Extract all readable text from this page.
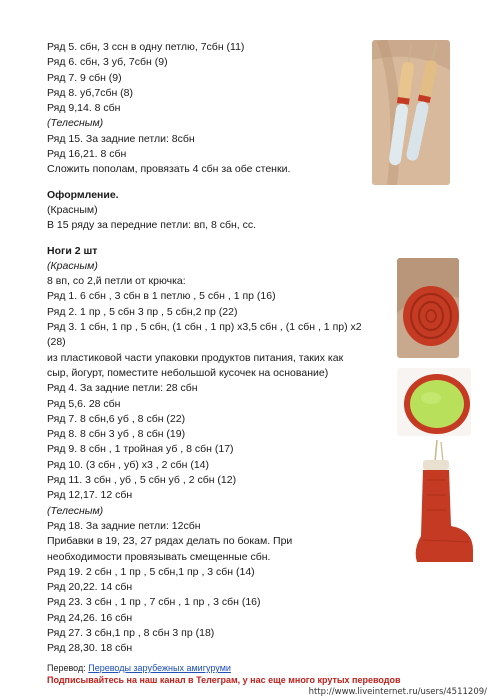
Ряд 5. сбн, 3 ссн в одну петлю, 7сбн (11)
Ряд 6. сбн, 3 уб, 7сбн (9)
Ряд 7. 9 сбн (9)
Ряд 8. уб,7сбн (8)
Ряд 9,14. 8 сбн
(Телесным)
Ряд 15. За задние петли: 8сбн
Ряд 16,21. 8 сбн
Сложить пополам, провязать 4 сбн за обе стенки.
Оформление.
(Красным)
В 15 ряду за передние петли: вп, 8 сбн, сс.
Ноги 2 шт
(Красным)
8 вп, со 2,й петли от крючка:
Ряд 1. 6 сбн , 3 сбн в 1 петлю , 5 сбн , 1 пр (16)
Ряд 2. 1 пр , 5 сбн 3 пр , 5 сбн,2 пр (22)
Ряд 3. 1 сбн, 1 пр , 5 сбн, (1 сбн , 1 пр) х3,5 сбн , (1 сбн , 1 пр) х2
(28)
из пластиковой части упаковки продуктов питания, таких как
сыр, йогурт, поместите небольшой кусочек на основание)
Ряд 4. За задние петли: 28 сбн
Ряд 5,6. 28 сбн
Ряд 7. 8 сбн,6 уб , 8 сбн (22)
Ряд 8. 8 сбн 3 уб , 8 сбн (19)
Ряд 9. 8 сбн , 1 тройная уб , 8 сбн (17)
Ряд 10. (3 сбн , уб) х3 , 2 сбн (14)
Ряд 11. 3 сбн , уб , 5 сбн уб , 2 сбн (12)
Ряд 12,17. 12 сбн
(Телесным)
Ряд 18. За задние петли: 12сбн
Прибавки в 19, 23, 27 рядах делать по бокам. При
необходимости провязывать смещенные сбн.
Ряд 19. 2 сбн , 1 пр , 5 сбн,1 пр , 3 сбн (14)
Ряд 20,22. 14 сбн
Ряд 23. 3 сбн , 1 пр , 7 сбн , 1 пр , 3 сбн (16)
Ряд 24,26. 16 сбн
Ряд 27. 3 сбн,1 пр , 8 сбн 3 пр (18)
Ряд 28,30. 18 сбн
Перевод: Переводы зарубежных амигуруми
Подписывайтесь на наш канал в Телеграм, у нас еще много крутых переводов
http://www.liveinternet.ru/users/4511209/
